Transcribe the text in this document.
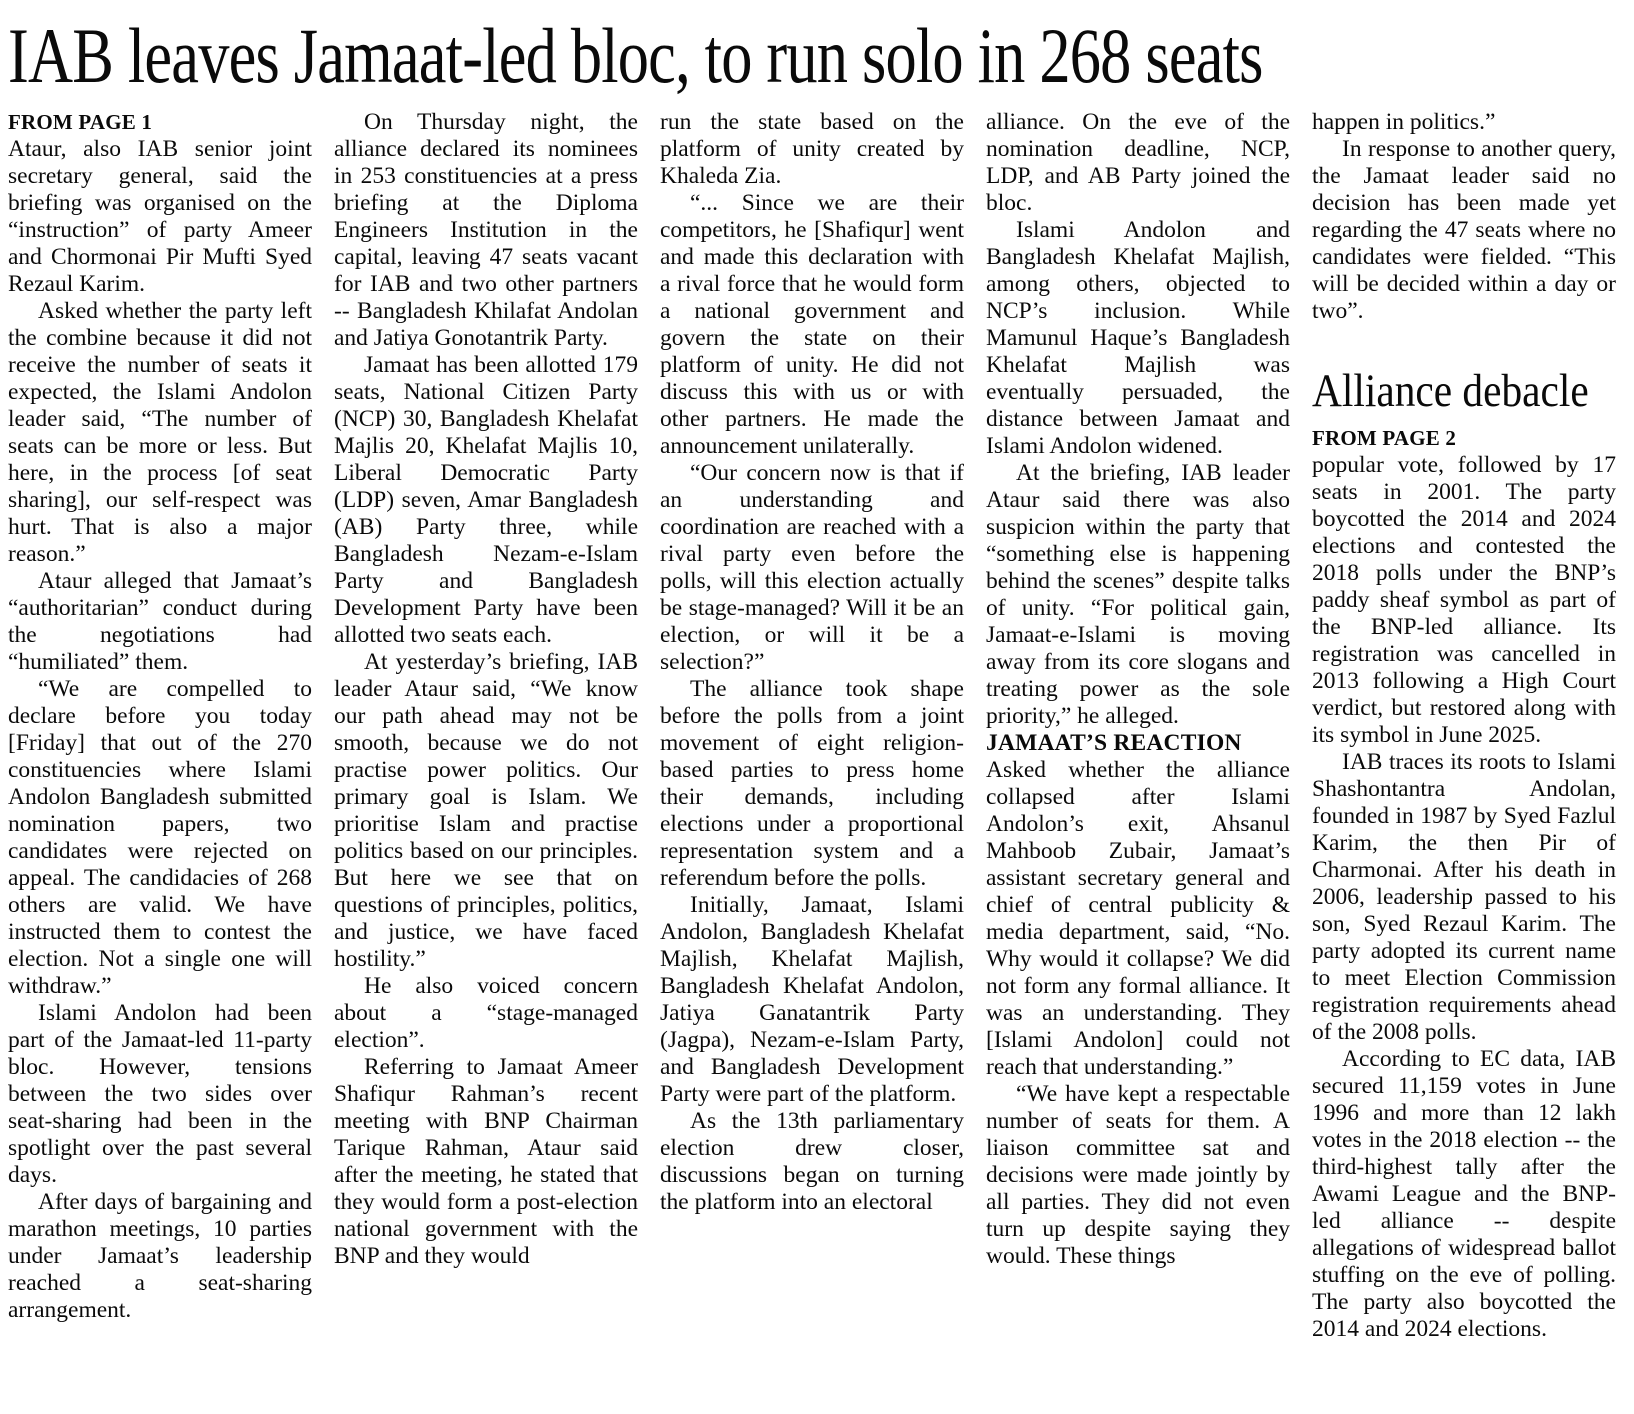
IAB leaves Jamaat-led bloc, to run solo in 268 seats
FROM PAGE 1

Ataur, also IAB senior joint secretary general, said the briefing was organised on the “instruction” of party Ameer and Chormonai Pir Mufti Syed Rezaul Karim.

Asked whether the party left the combine because it did not receive the number of seats it expected, the Islami Andolon leader said, “The number of seats can be more or less. But here, in the process [of seat sharing], our self-respect was hurt. That is also a major reason.”

Ataur alleged that Jamaat’s “authoritarian” conduct during the negotiations had “humiliated” them.

“We are compelled to declare before you today [Friday] that out of the 270 constituencies where Islami Andolon Bangladesh submitted nomination papers, two candidates were rejected on appeal. The candidacies of 268 others are valid. We have instructed them to contest the election. Not a single one will withdraw.”

Islami Andolon had been part of the Jamaat-led 11-party bloc. However, tensions between the two sides over seat-sharing had been in the spotlight over the past several days.

After days of bargaining and marathon meetings, 10 parties under Jamaat’s leadership reached a seat-sharing arrangement.

On Thursday night, the alliance declared its nominees in 253 constituencies at a press briefing at the Diploma Engineers Institution in the capital, leaving 47 seats vacant for IAB and two other partners -- Bangladesh Khilafat Andolan and Jatiya Gonotantrik Party.

Jamaat has been allotted 179 seats, National Citizen Party (NCP) 30, Bangladesh Khelafat Majlis 20, Khelafat Majlis 10, Liberal Democratic Party (LDP) seven, Amar Bangladesh (AB) Party three, while Bangladesh Nezam-e-Islam Party and Bangladesh Development Party have been allotted two seats each.

At yesterday’s briefing, IAB leader Ataur said, “We know our path ahead may not be smooth, because we do not practise power politics. Our primary goal is Islam. We prioritise Islam and practise politics based on our principles. But here we see that on questions of principles, politics, and justice, we have faced hostility.”

He also voiced concern about a “stage-managed election”.

Referring to Jamaat Ameer Shafiqur Rahman’s recent meeting with BNP Chairman Tarique Rahman, Ataur said after the meeting, he stated that they would form a post-election national government with the BNP and they would

run the state based on the platform of unity created by Khaleda Zia.

“... Since we are their competitors, he [Shafiqur] went and made this declaration with a rival force that he would form a national government and govern the state on their platform of unity. He did not discuss this with us or with other partners. He made the announcement unilaterally.

“Our concern now is that if an understanding and coordination are reached with a rival party even before the polls, will this election actually be stage-managed? Will it be an election, or will it be a selection?”

The alliance took shape before the polls from a joint movement of eight religion-based parties to press home their demands, including elections under a proportional representation system and a referendum before the polls.

Initially, Jamaat, Islami Andolon, Bangladesh Khelafat Majlish, Khelafat Majlish, Bangladesh Khelafat Andolon, Jatiya Ganatantrik Party (Jagpa), Nezam-e-Islam Party, and Bangladesh Development Party were part of the platform.

As the 13th parliamentary election drew closer, discussions began on turning the platform into an electoral

alliance. On the eve of the nomination deadline, NCP, LDP, and AB Party joined the bloc.

Islami Andolon and Bangladesh Khelafat Majlish, among others, objected to NCP’s inclusion. While Mamunul Haque’s Bangladesh Khelafat Majlish was eventually persuaded, the distance between Jamaat and Islami Andolon widened.

At the briefing, IAB leader Ataur said there was also suspicion within the party that “something else is happening behind the scenes” despite talks of unity. “For political gain, Jamaat-e-Islami is moving away from its core slogans and treating power as the sole priority,” he alleged.

JAMAAT’S REACTION

Asked whether the alliance collapsed after Islami Andolon’s exit, Ahsanul Mahboob Zubair, Jamaat’s assistant secretary general and chief of central publicity & media department, said, “No. Why would it collapse? We did not form any formal alliance. It was an understanding. They [Islami Andolon] could not reach that understanding.”

“We have kept a respectable number of seats for them. A liaison committee sat and decisions were made jointly by all parties. They did not even turn up despite saying they would. These things

happen in politics.”

In response to another query, the Jamaat leader said no decision has been made yet regarding the 47 seats where no candidates were fielded. “This will be decided within a day or two”.

Alliance debacle
FROM PAGE 2

popular vote, followed by 17 seats in 2001. The party boycotted the 2014 and 2024 elections and contested the 2018 polls under the BNP’s paddy sheaf symbol as part of the BNP-led alliance. Its registration was cancelled in 2013 following a High Court verdict, but restored along with its symbol in June 2025.

IAB traces its roots to Islami Shashontantra Andolan, founded in 1987 by Syed Fazlul Karim, the then Pir of Charmonai. After his death in 2006, leadership passed to his son, Syed Rezaul Karim. The party adopted its current name to meet Election Commission registration requirements ahead of the 2008 polls.

According to EC data, IAB secured 11,159 votes in June 1996 and more than 12 lakh votes in the 2018 election -- the third-highest tally after the Awami League and the BNP-led alliance -- despite allegations of widespread ballot stuffing on the eve of polling. The party also boycotted the 2014 and 2024 elections.
